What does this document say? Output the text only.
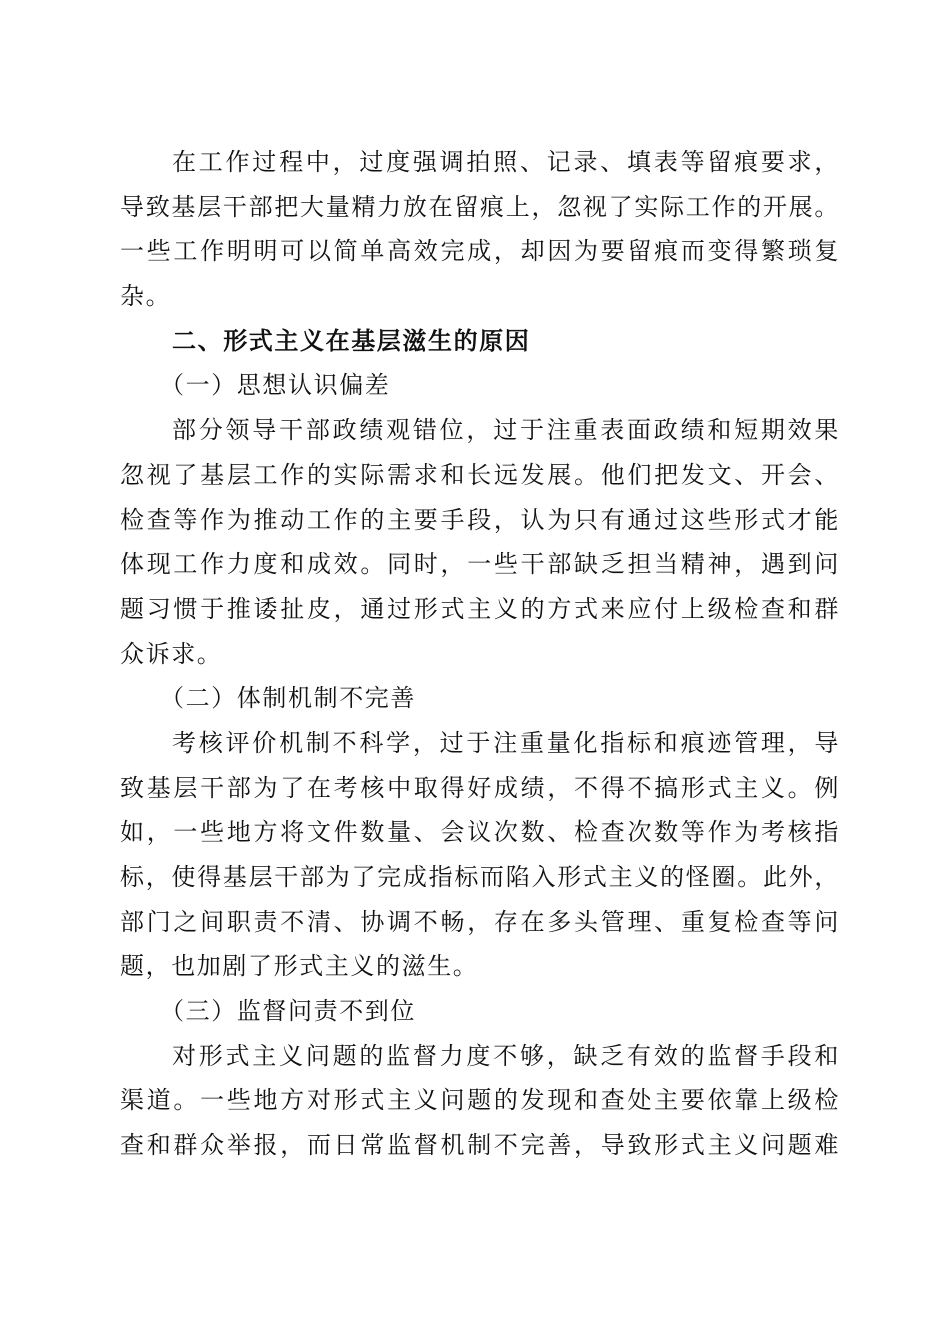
在工作过程中，过度强调拍照、记录、填表等留痕要求，
导致基层干部把大量精力放在留痕上，忽视了实际工作的开展。
一些工作明明可以简单高效完成，却因为要留痕而变得繁琐复
杂。
二、形式主义在基层滋生的原因
（一）思想认识偏差
部分领导干部政绩观错位，过于注重表面政绩和短期效果
忽视了基层工作的实际需求和长远发展。他们把发文、开会、
检查等作为推动工作的主要手段，认为只有通过这些形式才能
体现工作力度和成效。同时，一些干部缺乏担当精神，遇到问
题习惯于推诿扯皮，通过形式主义的方式来应付上级检查和群
众诉求。
（二）体制机制不完善
考核评价机制不科学，过于注重量化指标和痕迹管理，导
致基层干部为了在考核中取得好成绩，不得不搞形式主义。例
如，一些地方将文件数量、会议次数、检查次数等作为考核指
标，使得基层干部为了完成指标而陷入形式主义的怪圈。此外，
部门之间职责不清、协调不畅，存在多头管理、重复检查等问
题，也加剧了形式主义的滋生。
（三）监督问责不到位
对形式主义问题的监督力度不够，缺乏有效的监督手段和
渠道。一些地方对形式主义问题的发现和查处主要依靠上级检
查和群众举报，而日常监督机制不完善，导致形式主义问题难
